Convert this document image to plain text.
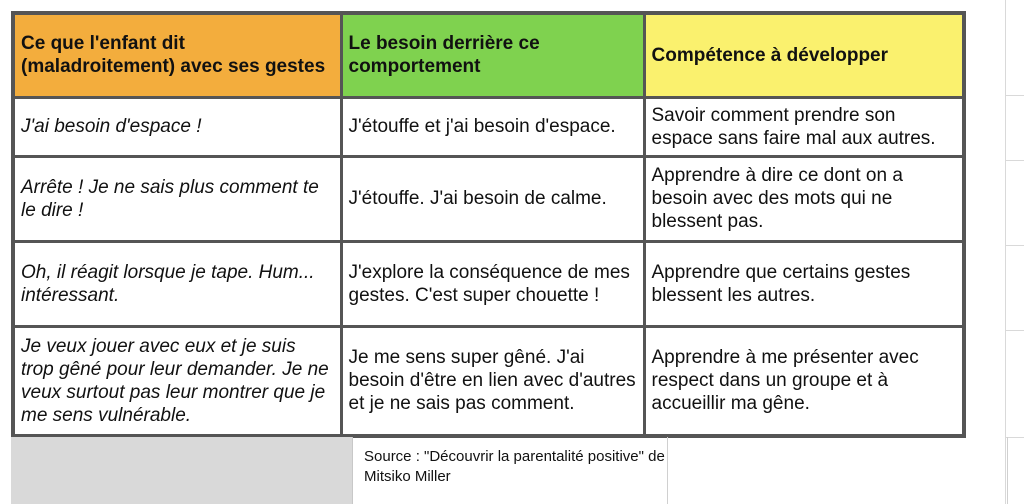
Ce que l'enfant dit (maladroitement) avec ses gestes	Le besoin derrière ce comportement	Compétence à développer
J'ai besoin d'espace !	J'étouffe et j'ai besoin d'espace.	Savoir comment prendre son espace sans faire mal aux autres.
Arrête ! Je ne sais plus comment te le dire !	J'étouffe. J'ai besoin de calme.	Apprendre à dire ce dont on a besoin avec des mots qui ne blessent pas.
Oh, il réagit lorsque je tape. Hum... intéressant.	J'explore la conséquence de mes gestes. C'est super chouette !	Apprendre que certains gestes blessent les autres.
Je veux jouer avec eux et je suis trop gêné pour leur demander. Je ne veux surtout pas leur montrer que je me sens vulnérable.	Je me sens super gêné. J'ai besoin d'être en lien avec d'autres et je ne sais pas comment.	Apprendre à me présenter avec respect dans un groupe et à accueillir ma gêne.
Source : "Découvrir la parentalité positive" de Mitsiko Miller
